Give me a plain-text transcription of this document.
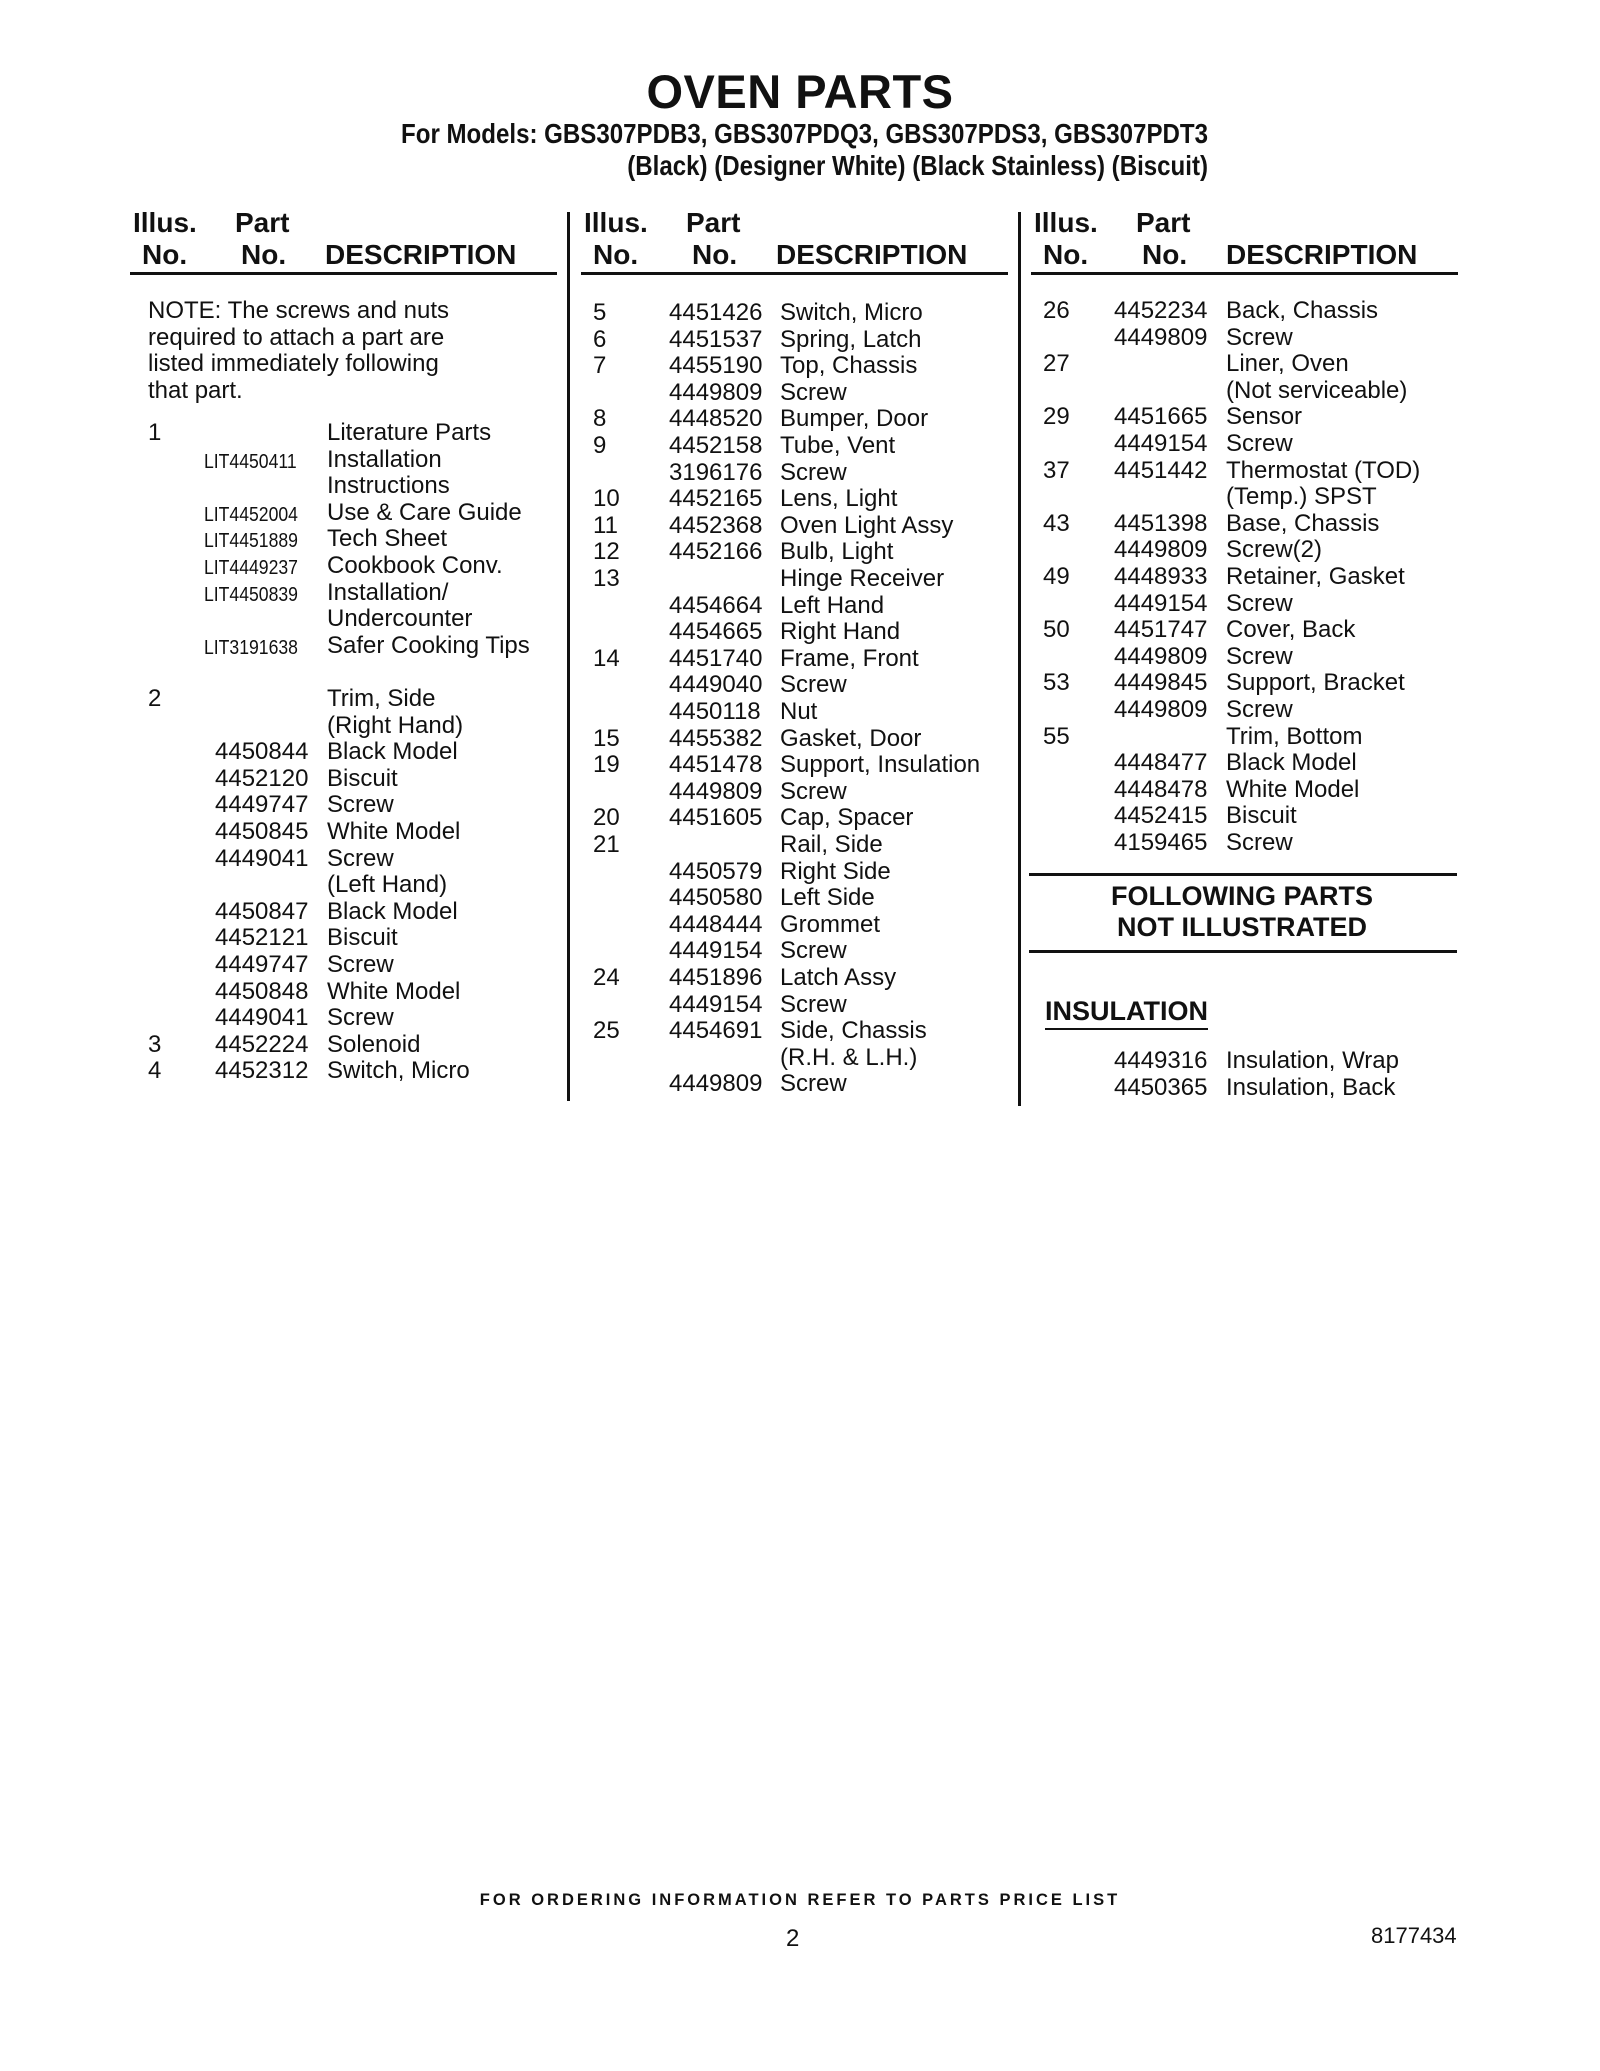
OVEN PARTS
For Models: GBS307PDB3, GBS307PDQ3, GBS307PDS3, GBS307PDT3
(Black) (Designer White) (Black Stainless) (Biscuit)
Illus.
No.
Part
No. DESCRIPTION
Illus.
No.
Part
No. DESCRIPTION
Illus.
No.
Part
No. DESCRIPTION
NOTE: The screws and nuts
required to attach a part are
listed immediately following
that part.
1	Literature Parts
LIT4450411 Installation
Instructions
LIT4452004 Use & Care Guide
LIT4451889 Tech Sheet
LIT4449237 Cookbook Conv.
LIT4450839 Installation/
Undercounter
LIT3191638 Safer Cooking Tips
2	Trim, Side
(Right Hand)
4450844 Black Model
4452120 Biscuit
4449747 Screw
4450845 White Model
4449041 Screw
(Left Hand)
4450847 Black Model
4452121 Biscuit
4449747 Screw
4450848 White Model
4449041 Screw
3 4452224 Solenoid
4 4452312 Switch, Micro
5	4451426 Switch, Micro
6	4451537 Spring, Latch
7	4455190 Top, Chassis
4449809 Screw
8	4448520 Bumper, Door
9	4452158 Tube, Vent
3196176 Screw
10 4452165 Lens, Light
11 4452368 Oven Light Assy
12 4452166 Bulb, Light
13	Hinge Receiver
4454664 Left Hand
4454665 Right Hand
14 4451740 Frame, Front
4449040 Screw
4450118 Nut
15 4455382 Gasket, Door
19 4451478 Support, Insulation
4449809 Screw
20 4451605 Cap, Spacer
21	Rail, Side
4450579 Right Side
4450580 Left Side
4448444 Grommet
4449154 Screw
24 4451896 Latch Assy
4449154 Screw
25 4454691 Side, Chassis
(R.H. & L.H.)
4449809 Screw
26 4452234 Back, Chassis
4449809 Screw
27	Liner, Oven
(Not serviceable)
29 4451665 Sensor
4449154 Screw
37 4451442 Thermostat (TOD)
(Temp.) SPST
43 4451398 Base, Chassis
4449809 Screw(2)
49 4448933 Retainer, Gasket
4449154 Screw
50 4451747 Cover, Back
4449809 Screw
53 4449845 Support, Bracket
4449809 Screw
55	Trim, Bottom
4448477 Black Model
4448478 White Model
4452415 Biscuit
4159465 Screw
FOLLOWING PARTS
NOT ILLUSTRATED
INSULATION
4449316 Insulation, Wrap
4450365 Insulation, Back
FOR ORDERING INFORMATION REFER TO PARTS PRICE LIST
2	8177434
